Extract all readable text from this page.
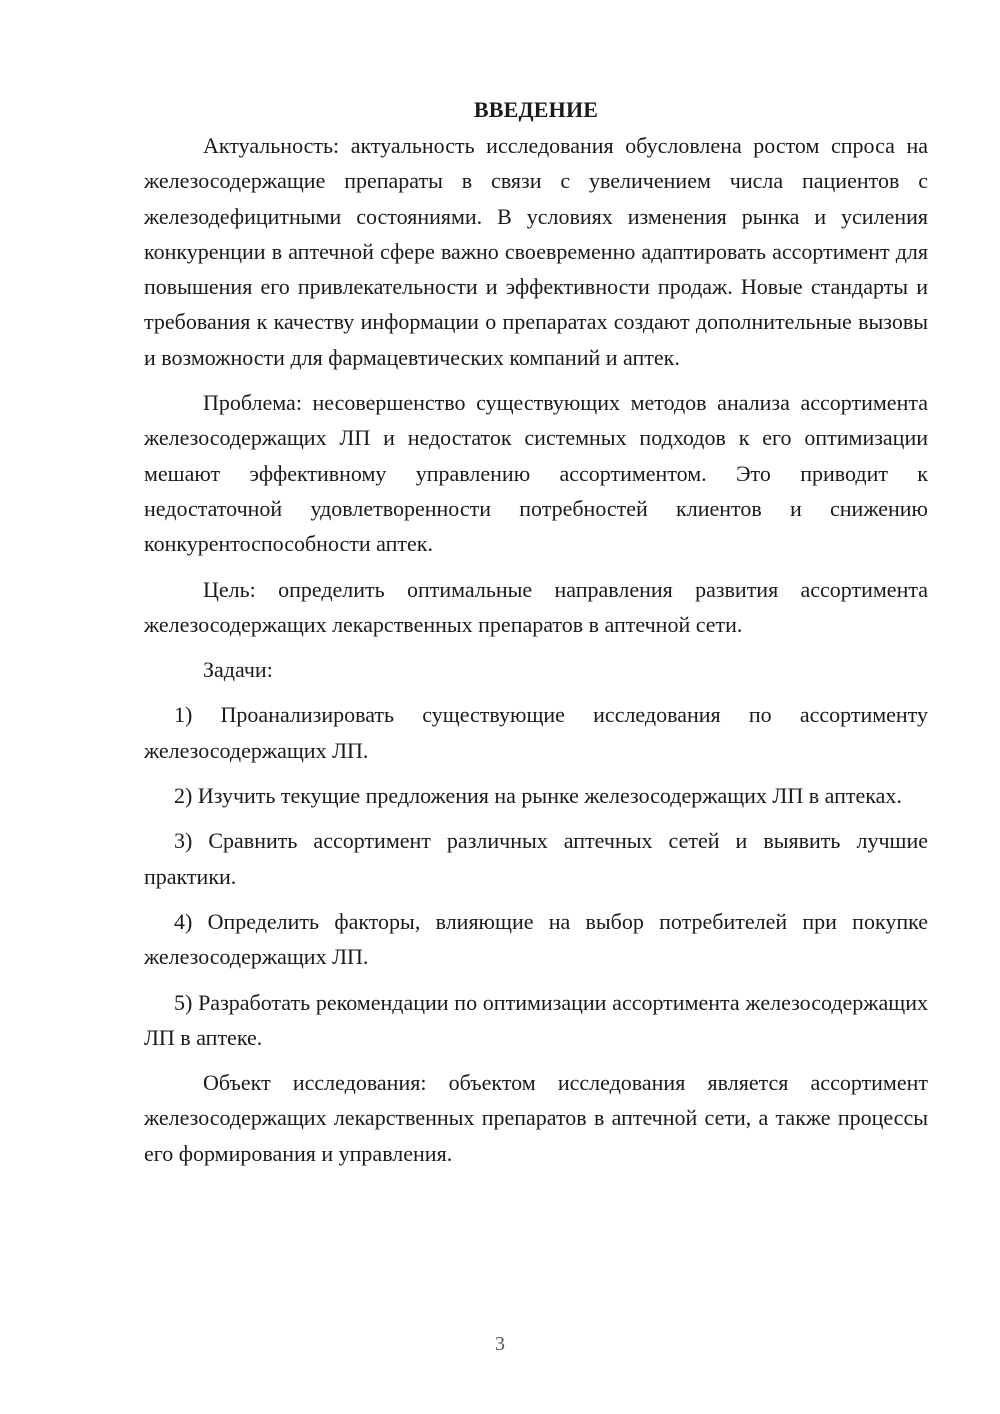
ВВЕДЕНИЕ

Актуальность: актуальность исследования обусловлена ростом спроса на железосодержащие препараты в связи с увеличением числа пациентов с железодефицитными состояниями. В условиях изменения рынка и усиления конкуренции в аптечной сфере важно своевременно адаптировать ассортимент для повышения его привлекательности и эффективности продаж. Новые стандарты и требования к качеству информации о препаратах создают дополнительные вызовы и возможности для фармацевтических компаний и аптек.

Проблема: несовершенство существующих методов анализа ассортимента железосодержащих ЛП и недостаток системных подходов к его оптимизации мешают эффективному управлению ассортиментом. Это приводит к недостаточной удовлетворенности потребностей клиентов и снижению конкурентоспособности аптек.

Цель: определить оптимальные направления развития ассортимента железосодержащих лекарственных препаратов в аптечной сети.

Задачи:

1) Проанализировать существующие исследования по ассортименту железосодержащих ЛП.

2) Изучить текущие предложения на рынке железосодержащих ЛП в аптеках.

3) Сравнить ассортимент различных аптечных сетей и выявить лучшие практики.

4) Определить факторы, влияющие на выбор потребителей при покупке железосодержащих ЛП.

5) Разработать рекомендации по оптимизации ассортимента железосодержащих ЛП в аптеке.

Объект исследования: объектом исследования является ассортимент железосодержащих лекарственных препаратов в аптечной сети, а также процессы его формирования и управления.

3
